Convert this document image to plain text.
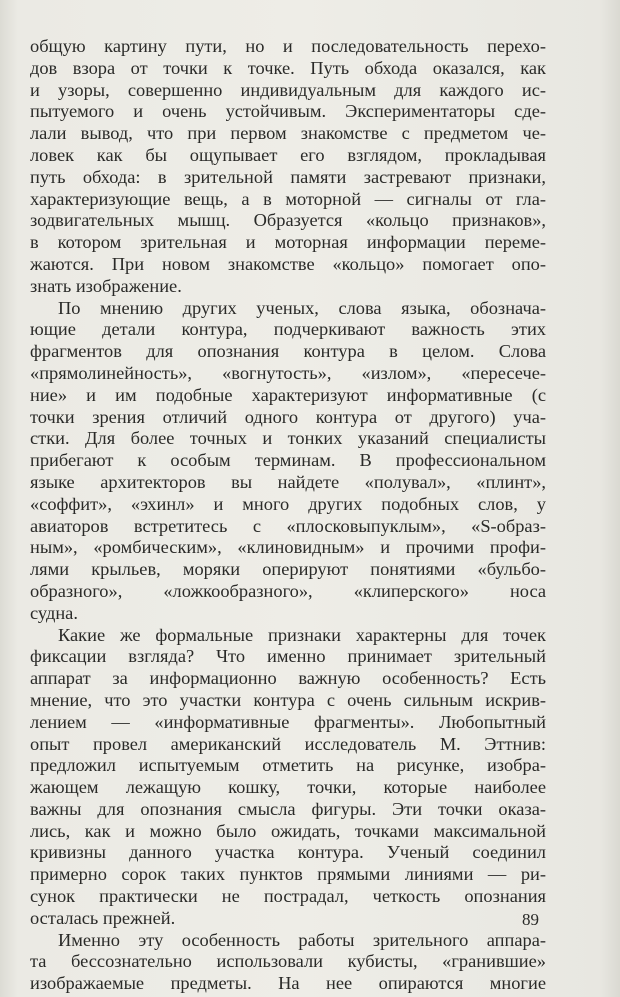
общую картину пути, но и последовательность перехо-
дов взора от точки к точке. Путь обхода оказался, как
и узоры, совершенно индивидуальным для каждого ис-
пытуемого и очень устойчивым. Экспериментаторы сде-
лали вывод, что при первом знакомстве с предметом че-
ловек как бы ощупывает его взглядом, прокладывая
путь обхода: в зрительной памяти застревают признаки,
характеризующие вещь, а в моторной — сигналы от гла-
зодвигательных мышц. Образуется «кольцо признаков»,
в котором зрительная и моторная информации переме-
жаются. При новом знакомстве «кольцо» помогает опо-
знать изображение.
По мнению других ученых, слова языка, обознача-
ющие детали контура, подчеркивают важность этих
фрагментов для опознания контура в целом. Слова
«прямолинейность», «вогнутость», «излом», «пересече-
ние» и им подобные характеризуют информативные (с
точки зрения отличий одного контура от другого) уча-
стки. Для более точных и тонких указаний специалисты
прибегают к особым терминам. В профессиональном
языке архитекторов вы найдете «полувал», «плинт»,
«соффит», «эхинл» и много других подобных слов, у
авиаторов встретитесь с «плосковыпуклым», «S-образ-
ным», «ромбическим», «клиновидным» и прочими профи-
лями крыльев, моряки оперируют понятиями «бульбо-
образного», «ложкообразного», «клиперского» носа
судна.
Какие же формальные признаки характерны для точек
фиксации взгляда? Что именно принимает зрительный
аппарат за информационно важную особенность? Есть
мнение, что это участки контура с очень сильным искрив-
лением — «информативные фрагменты». Любопытный
опыт провел американский исследователь М. Эттнив:
предложил испытуемым отметить на рисунке, изобра-
жающем лежащую кошку, точки, которые наиболее
важны для опознания смысла фигуры. Эти точки оказа-
лись, как и можно было ожидать, точками максимальной
кривизны данного участка контура. Ученый соединил
примерно сорок таких пунктов прямыми линиями — ри-
сунок практически не пострадал, четкость опознания
осталась прежней.
Именно эту особенность работы зрительного аппара-
та бессознательно использовали кубисты, «гранившие»
изображаемые предметы. На нее опираются многие
89
